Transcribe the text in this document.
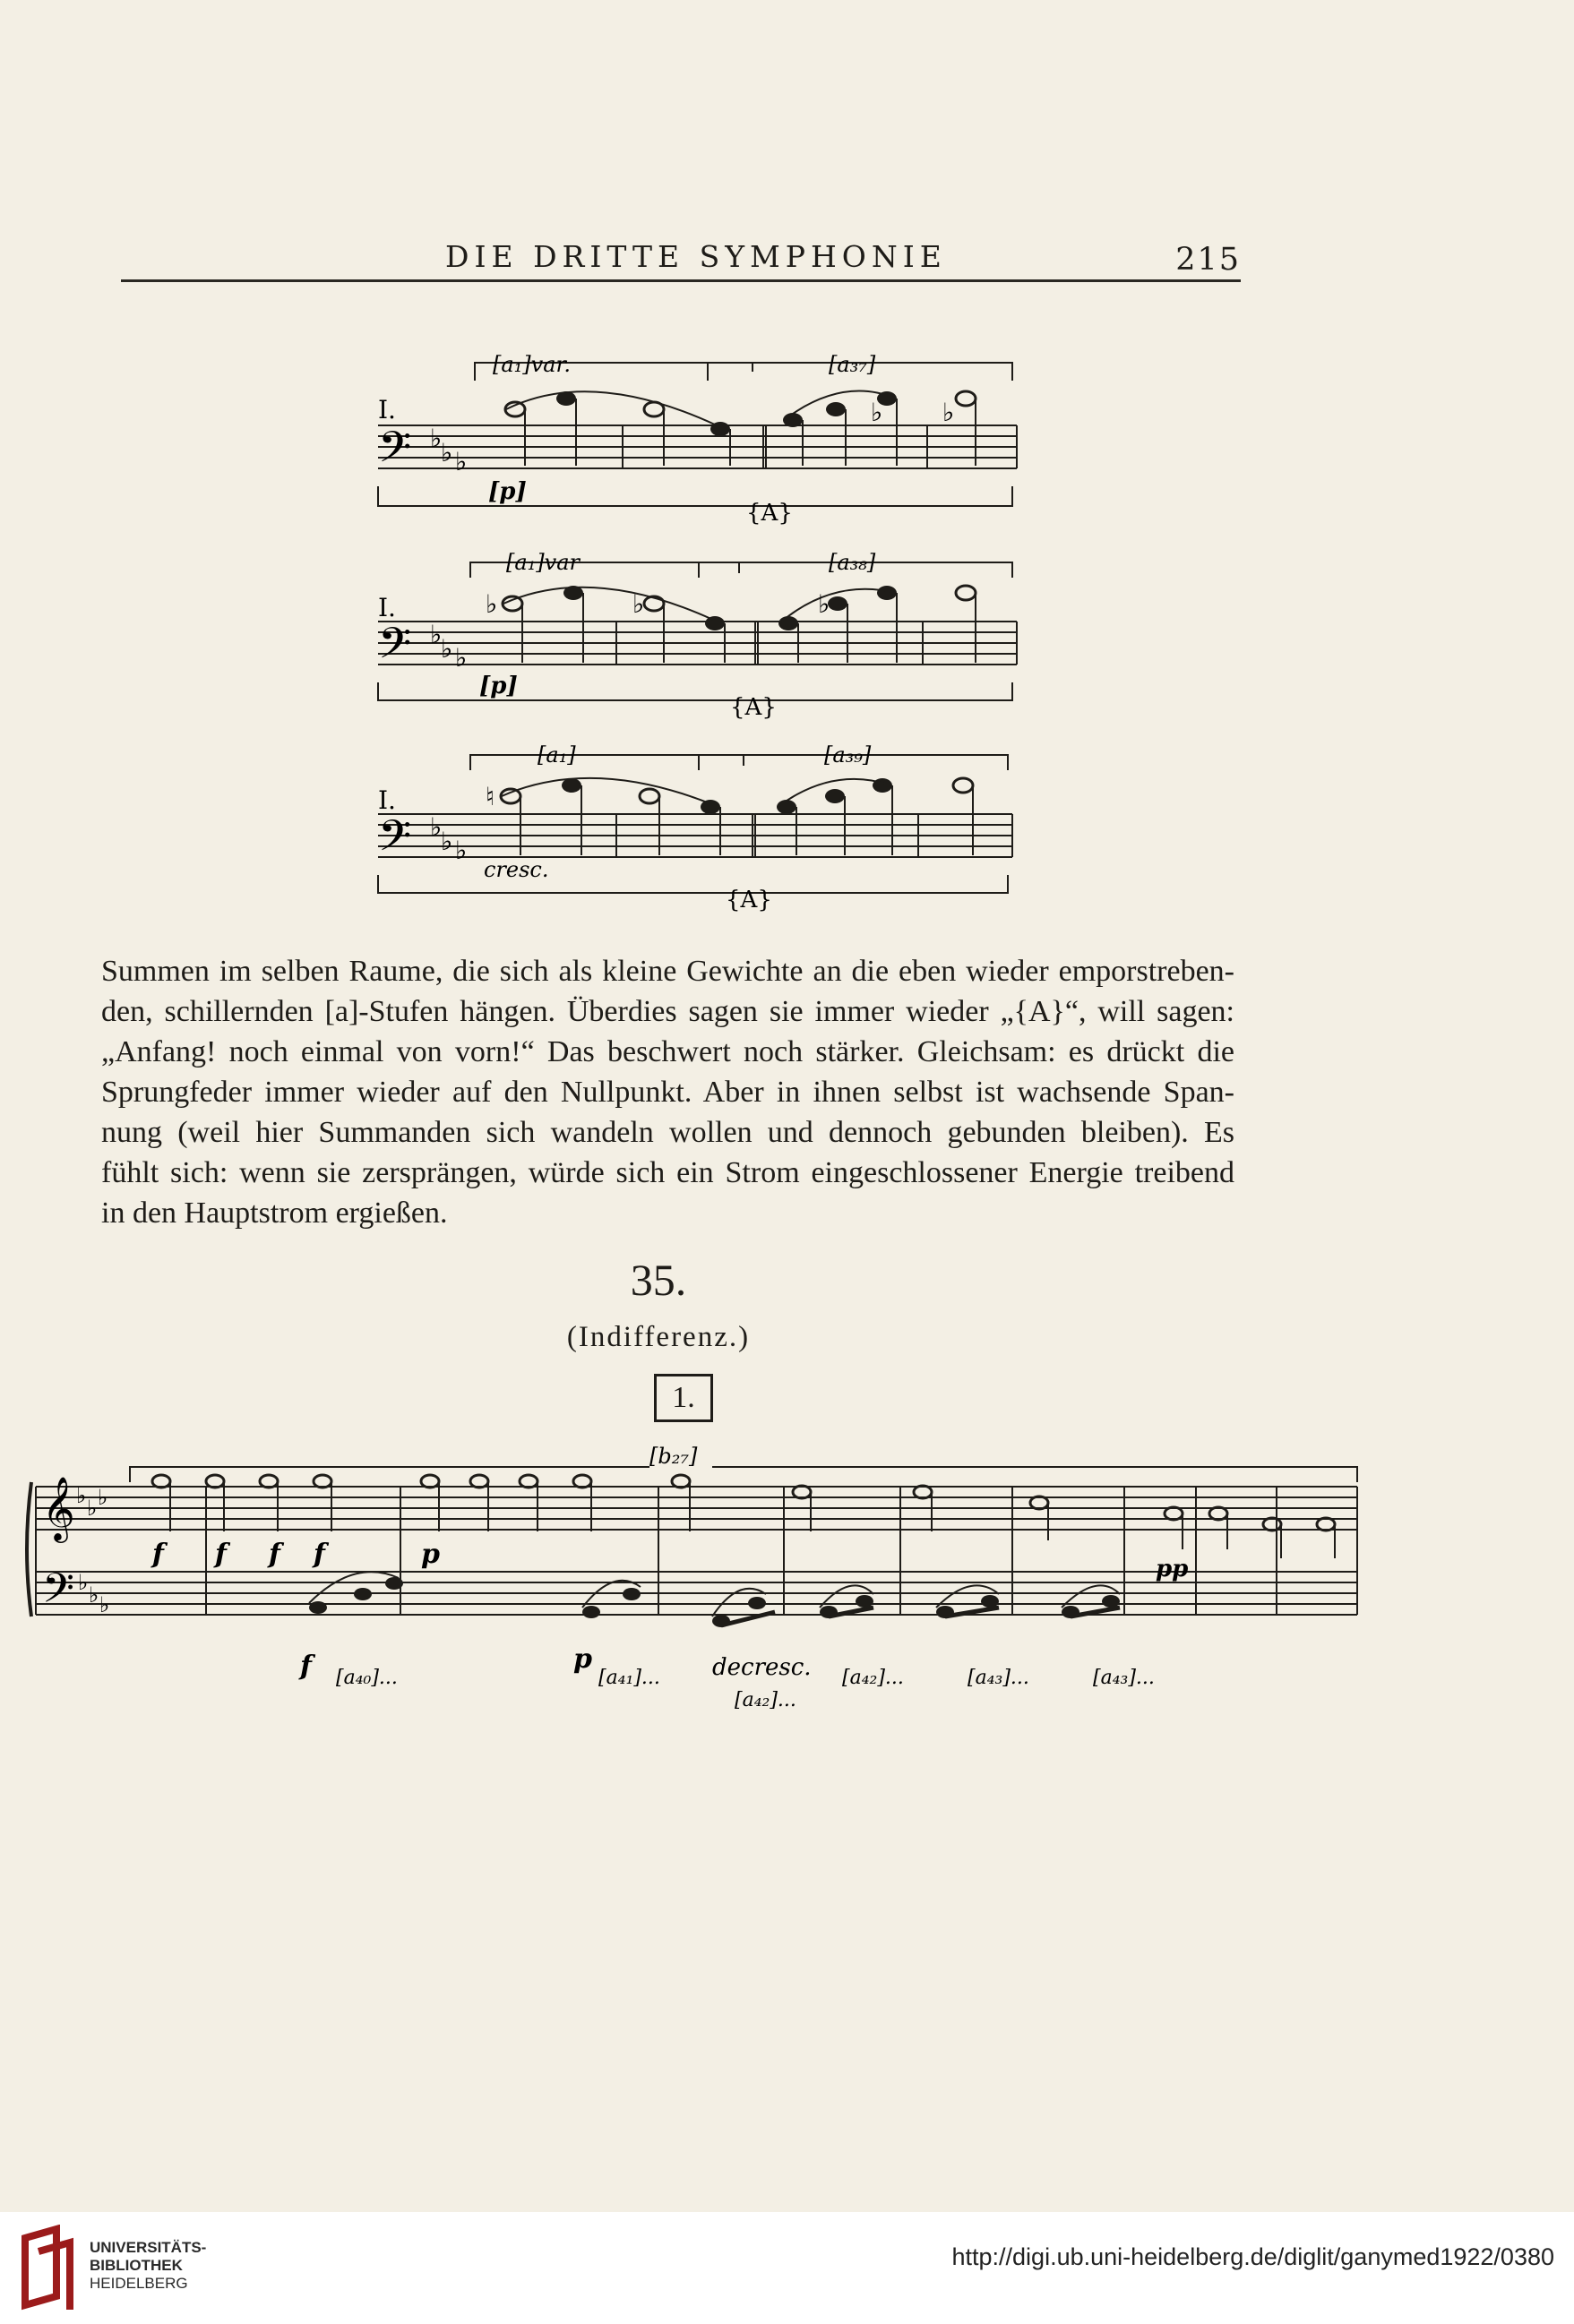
DIE DRITTE SYMPHONIE	215
I.
𝄢 ♭
♭ ♭
♭ ♭
[a₁]var.	[a₃₇]
[p]
{A}
I.
𝄢 ♭
♭ ♭
♭	♭	♭
[a₁]var	[a₃₈]
[p]
{A}
I.
𝄢 ♭
♭ ♭
♮
[a₁]	[a₃₉]
cresc.
{A}
Summen im selben Raume, die sich als kleine Gewichte an die eben wieder emporstreben-
den, schillernden [a]-Stufen hängen. Überdies sagen sie immer wieder „{A}“, will sagen:
„Anfang! noch einmal von vorn!“ Das beschwert noch stärker. Gleichsam: es drückt die
Sprungfeder immer wieder auf den Nullpunkt. Aber in ihnen selbst ist wachsende Span-
nung (weil hier Summanden sich wandeln wollen und dennoch gebunden bleiben). Es
fühlt sich: wenn sie zersprängen, würde sich ein Strom eingeschlossener Energie treibend
in den Hauptstrom ergießen.
35.
(Indifferenz.)
1.
𝄞 ♭ ♭ ♭
𝄢 ♭ ♭ ♭
f f f f	p	pp
[b₂₇]
f	p	decresc.
[a₄₀]...	[a₄₁]...	[a₄₂]...	[a₄₃]...	[a₄₃]...
[a₄₂]...
UNIVERSITÄTS-
BIBLIOTHEK
HEIDELBERG
http://digi.ub.uni-heidelberg.de/diglit/ganymed1922/0380
